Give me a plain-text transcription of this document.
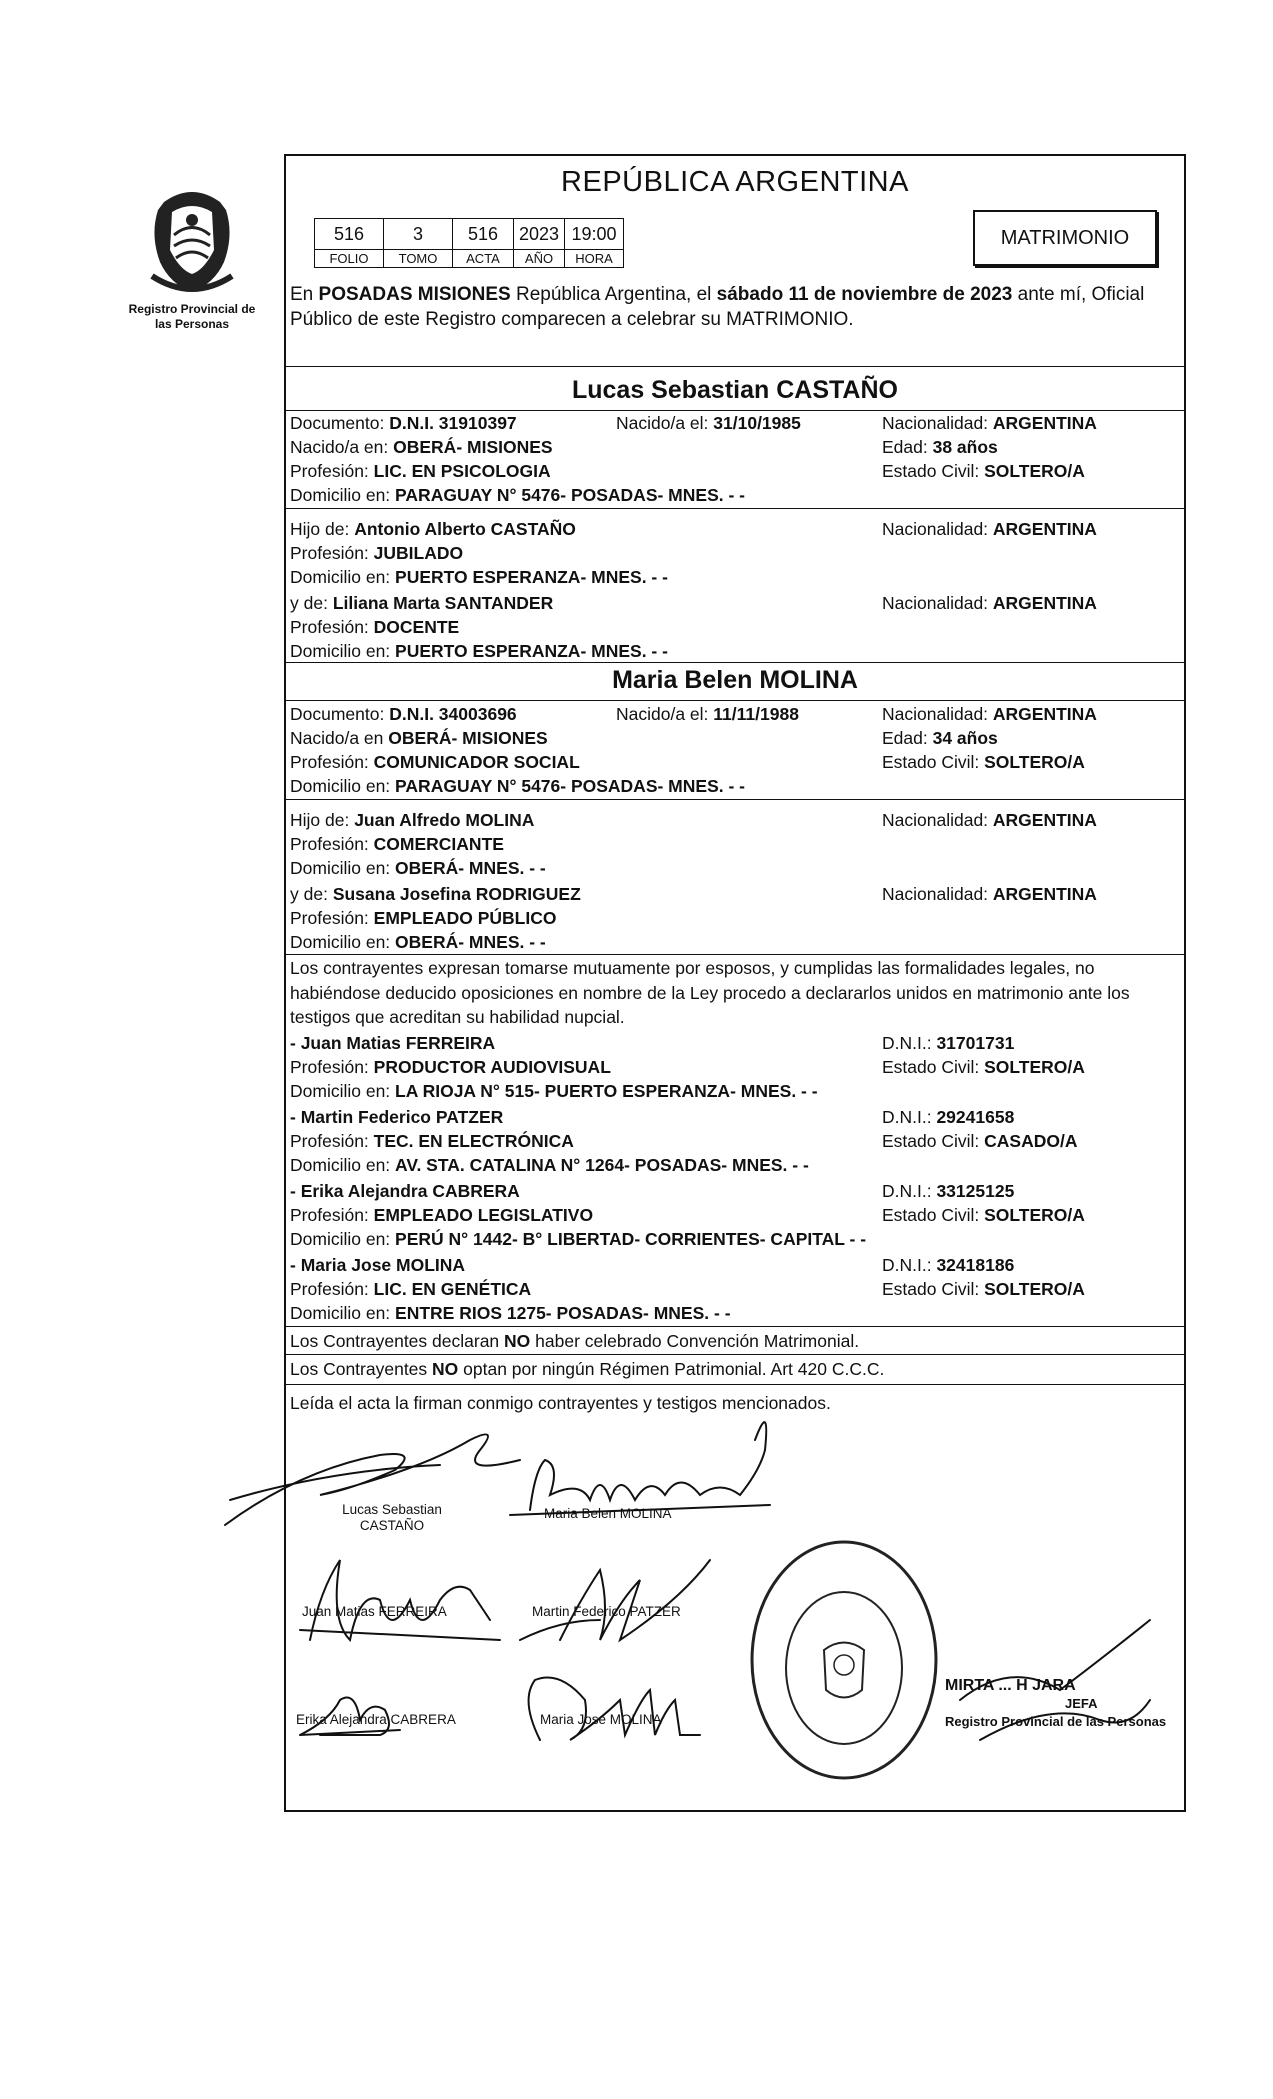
Registro Provincial de las Personas
REPÚBLICA ARGENTINA
516	3	516	2023	19:00
FOLIO	TOMO	ACTA	AÑO	HORA
MATRIMONIO
En POSADAS MISIONES República Argentina, el sábado 11 de noviembre de 2023 ante mí, Oficial Público de este Registro comparecen a celebrar su MATRIMONIO.
Lucas Sebastian CASTAÑO
Documento: D.N.I. 31910397	Nacido/a el: 31/10/1985	Nacionalidad: ARGENTINA
Nacido/a en: OBERÁ- MISIONES	Edad: 38 años
Profesión: LIC. EN PSICOLOGIA	Estado Civil: SOLTERO/A
Domicilio en: PARAGUAY N° 5476- POSADAS- MNES. - -
Hijo de: Antonio Alberto CASTAÑO	Nacionalidad: ARGENTINA
Profesión: JUBILADO
Domicilio en: PUERTO ESPERANZA- MNES. - -
y de: Liliana Marta SANTANDER	Nacionalidad: ARGENTINA
Profesión: DOCENTE
Domicilio en: PUERTO ESPERANZA- MNES. - -
Maria Belen MOLINA
Documento: D.N.I. 34003696	Nacido/a el: 11/11/1988	Nacionalidad: ARGENTINA
Nacido/a en OBERÁ- MISIONES	Edad: 34 años
Profesión: COMUNICADOR SOCIAL	Estado Civil: SOLTERO/A
Domicilio en: PARAGUAY N° 5476- POSADAS- MNES. - -
Hijo de: Juan Alfredo MOLINA	Nacionalidad: ARGENTINA
Profesión: COMERCIANTE
Domicilio en: OBERÁ- MNES. - -
y de: Susana Josefina RODRIGUEZ	Nacionalidad: ARGENTINA
Profesión: EMPLEADO PÚBLICO
Domicilio en: OBERÁ- MNES. - -
Los contrayentes expresan tomarse mutuamente por esposos, y cumplidas las formalidades legales, no habiéndose deducido oposiciones en nombre de la Ley procedo a declararlos unidos en matrimonio ante los testigos que acreditan su habilidad nupcial.
- Juan Matias FERREIRA	D.N.I.: 31701731
Profesión: PRODUCTOR AUDIOVISUAL	Estado Civil: SOLTERO/A
Domicilio en: LA RIOJA N° 515- PUERTO ESPERANZA- MNES. - -
- Martin Federico PATZER	D.N.I.: 29241658
Profesión: TEC. EN ELECTRÓNICA	Estado Civil: CASADO/A
Domicilio en: AV. STA. CATALINA N° 1264- POSADAS- MNES. - -
- Erika Alejandra CABRERA	D.N.I.: 33125125
Profesión: EMPLEADO LEGISLATIVO	Estado Civil: SOLTERO/A
Domicilio en: PERÚ N° 1442- B° LIBERTAD- CORRIENTES- CAPITAL - -
- Maria Jose MOLINA	D.N.I.: 32418186
Profesión: LIC. EN GENÉTICA	Estado Civil: SOLTERO/A
Domicilio en: ENTRE RIOS 1275- POSADAS- MNES. - -
Los Contrayentes declaran NO haber celebrado Convención Matrimonial.
Los Contrayentes NO optan por ningún Régimen Patrimonial. Art 420 C.C.C.
Leída el acta la firman conmigo contrayentes y testigos mencionados.
Lucas Sebastian
CASTAÑO
Maria Belen MOLINA
Juan Matias FERREIRA	Martin Federico PATZER
Erika Alejandra CABRERA	Maria Jose MOLINA
MIRTA ... H JARA
JEFA
Registro Provincial de las Personas
